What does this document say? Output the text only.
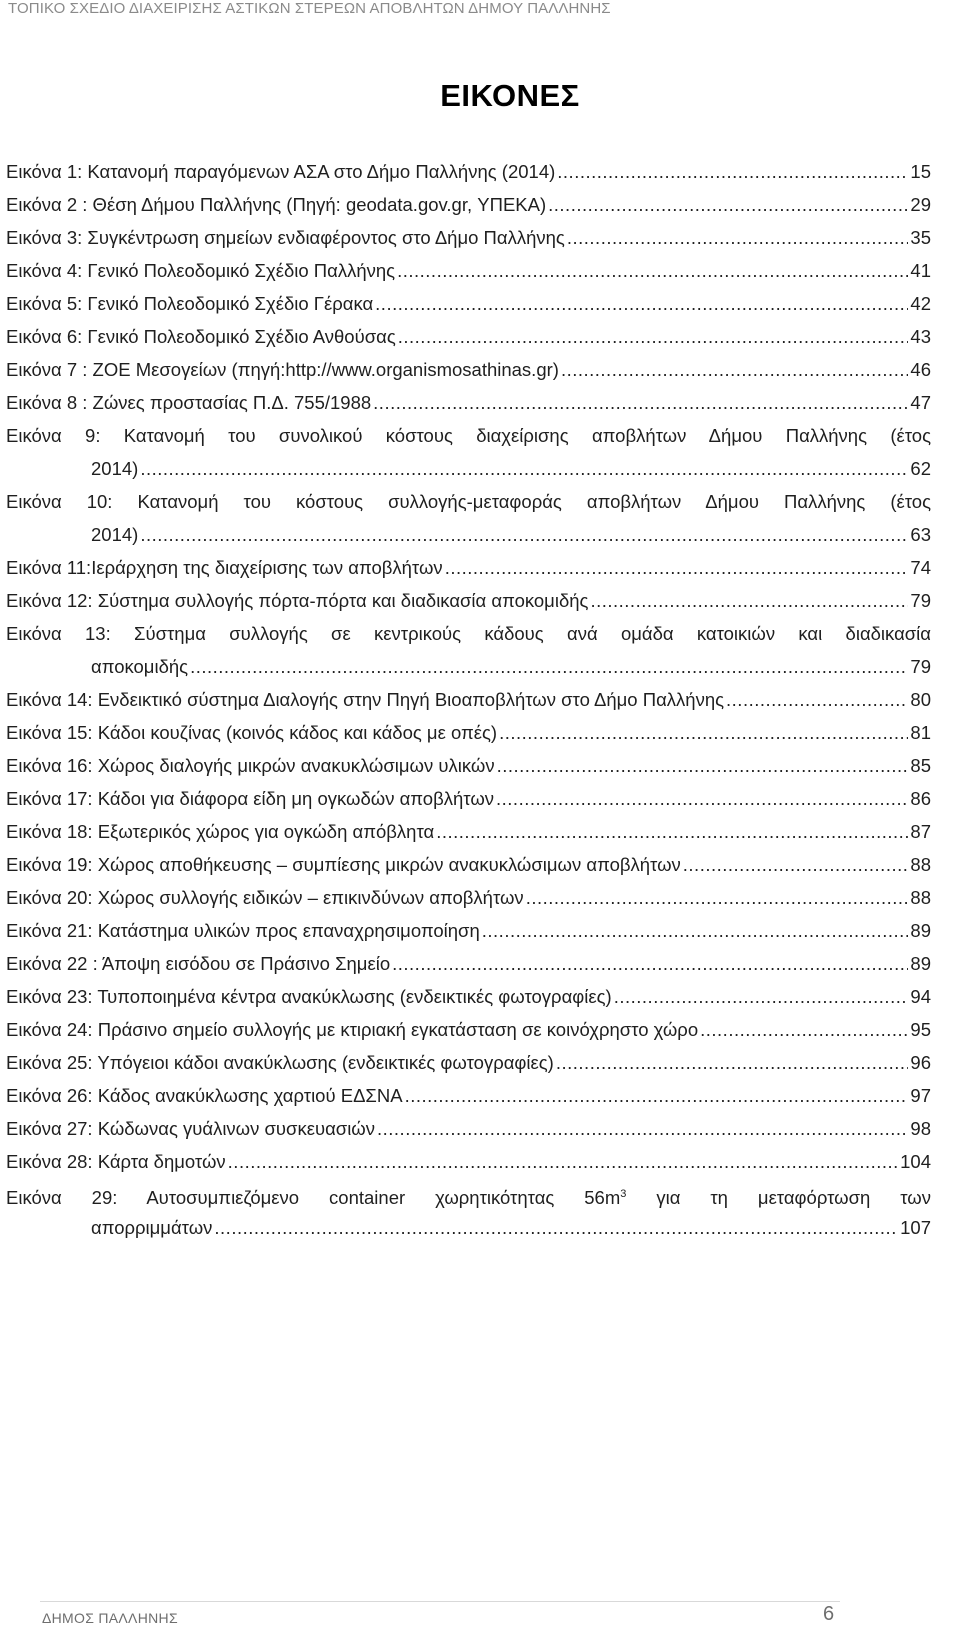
ΤΟΠΙΚΟ ΣΧΕΔΙΟ ΔΙΑΧΕΙΡΙΣΗΣ ΑΣΤΙΚΩΝ ΣΤΕΡΕΩΝ ΑΠΟΒΛΗΤΩΝ ΔΗΜΟΥ ΠΑΛΛΗΝΗΣ
ΕΙΚΟΝΕΣ
Εικόνα 1: Κατανομή παραγόμενων ΑΣΑ στο Δήμο Παλλήνης (2014) .....	15
Εικόνα 2 : Θέση Δήμου Παλλήνης (Πηγή: geodata.gov.gr, ΥΠΕΚΑ) .....	29
Εικόνα 3: Συγκέντρωση σημείων ενδιαφέροντος στο Δήμο Παλλήνης .....	35
Εικόνα 4: Γενικό Πολεοδομικό Σχέδιο Παλλήνης .....	41
Εικόνα 5: Γενικό Πολεοδομικό Σχέδιο Γέρακα .....	42
Εικόνα 6: Γενικό Πολεοδομικό Σχέδιο Ανθούσας .....	43
Εικόνα 7 : ΖΟΕ Μεσογείων (πηγή:http://www.organismosathinas.gr) .....	46
Εικόνα 8 : Ζώνες προστασίας Π.Δ. 755/1988 .....	47
Εικόνα 9: Κατανομή του συνολικού κόστους διαχείρισης αποβλήτων Δήμου Παλλήνης (έτος
2014) .....	62
Εικόνα 10: Κατανομή του κόστους συλλογής-μεταφοράς αποβλήτων Δήμου Παλλήνης (έτος
2014) .....	63
Εικόνα 11:Ιεράρχηση της διαχείρισης των αποβλήτων .....	74
Εικόνα 12: Σύστημα συλλογής πόρτα-πόρτα και διαδικασία αποκομιδής .....	79
Εικόνα 13: Σύστημα συλλογής σε κεντρικούς κάδους ανά ομάδα κατοικιών και διαδικασία
αποκομιδής .....	79
Εικόνα 14: Ενδεικτικό σύστημα Διαλογής στην Πηγή Βιοαποβλήτων στο Δήμο Παλλήνης .....	80
Εικόνα 15: Κάδοι κουζίνας (κοινός κάδος και κάδος με οπές) .....	81
Εικόνα 16: Χώρος διαλογής μικρών ανακυκλώσιμων υλικών .....	85
Εικόνα 17: Κάδοι για διάφορα είδη μη ογκωδών αποβλήτων .....	86
Εικόνα 18: Εξωτερικός χώρος για ογκώδη απόβλητα .....	87
Εικόνα 19: Χώρος αποθήκευσης – συμπίεσης μικρών ανακυκλώσιμων αποβλήτων .....	88
Εικόνα 20: Χώρος συλλογής ειδικών – επικινδύνων αποβλήτων .....	88
Εικόνα 21: Κατάστημα υλικών προς επαναχρησιμοποίηση .....	89
Εικόνα 22 : Άποψη εισόδου σε Πράσινο Σημείο .....	89
Εικόνα 23: Τυποποιημένα κέντρα ανακύκλωσης (ενδεικτικές φωτογραφίες) .....	94
Εικόνα 24: Πράσινο σημείο συλλογής με κτιριακή εγκατάσταση σε κοινόχρηστο χώρο .....	95
Εικόνα 25: Υπόγειοι κάδοι ανακύκλωσης (ενδεικτικές φωτογραφίες) .....	96
Εικόνα 26: Κάδος ανακύκλωσης χαρτιού ΕΔΣΝΑ .....	97
Εικόνα 27: Κώδωνας γυάλινων συσκευασιών .....	98
Εικόνα 28: Κάρτα δημοτών .....	104
Εικόνα 29: Αυτοσυμπιεζόμενο container χωρητικότητας $56m^3$ για τη μεταφόρτωση των
απορριμμάτων .....	107
ΔΗΜΟΣ ΠΑΛΛΗΝΗΣ	6
